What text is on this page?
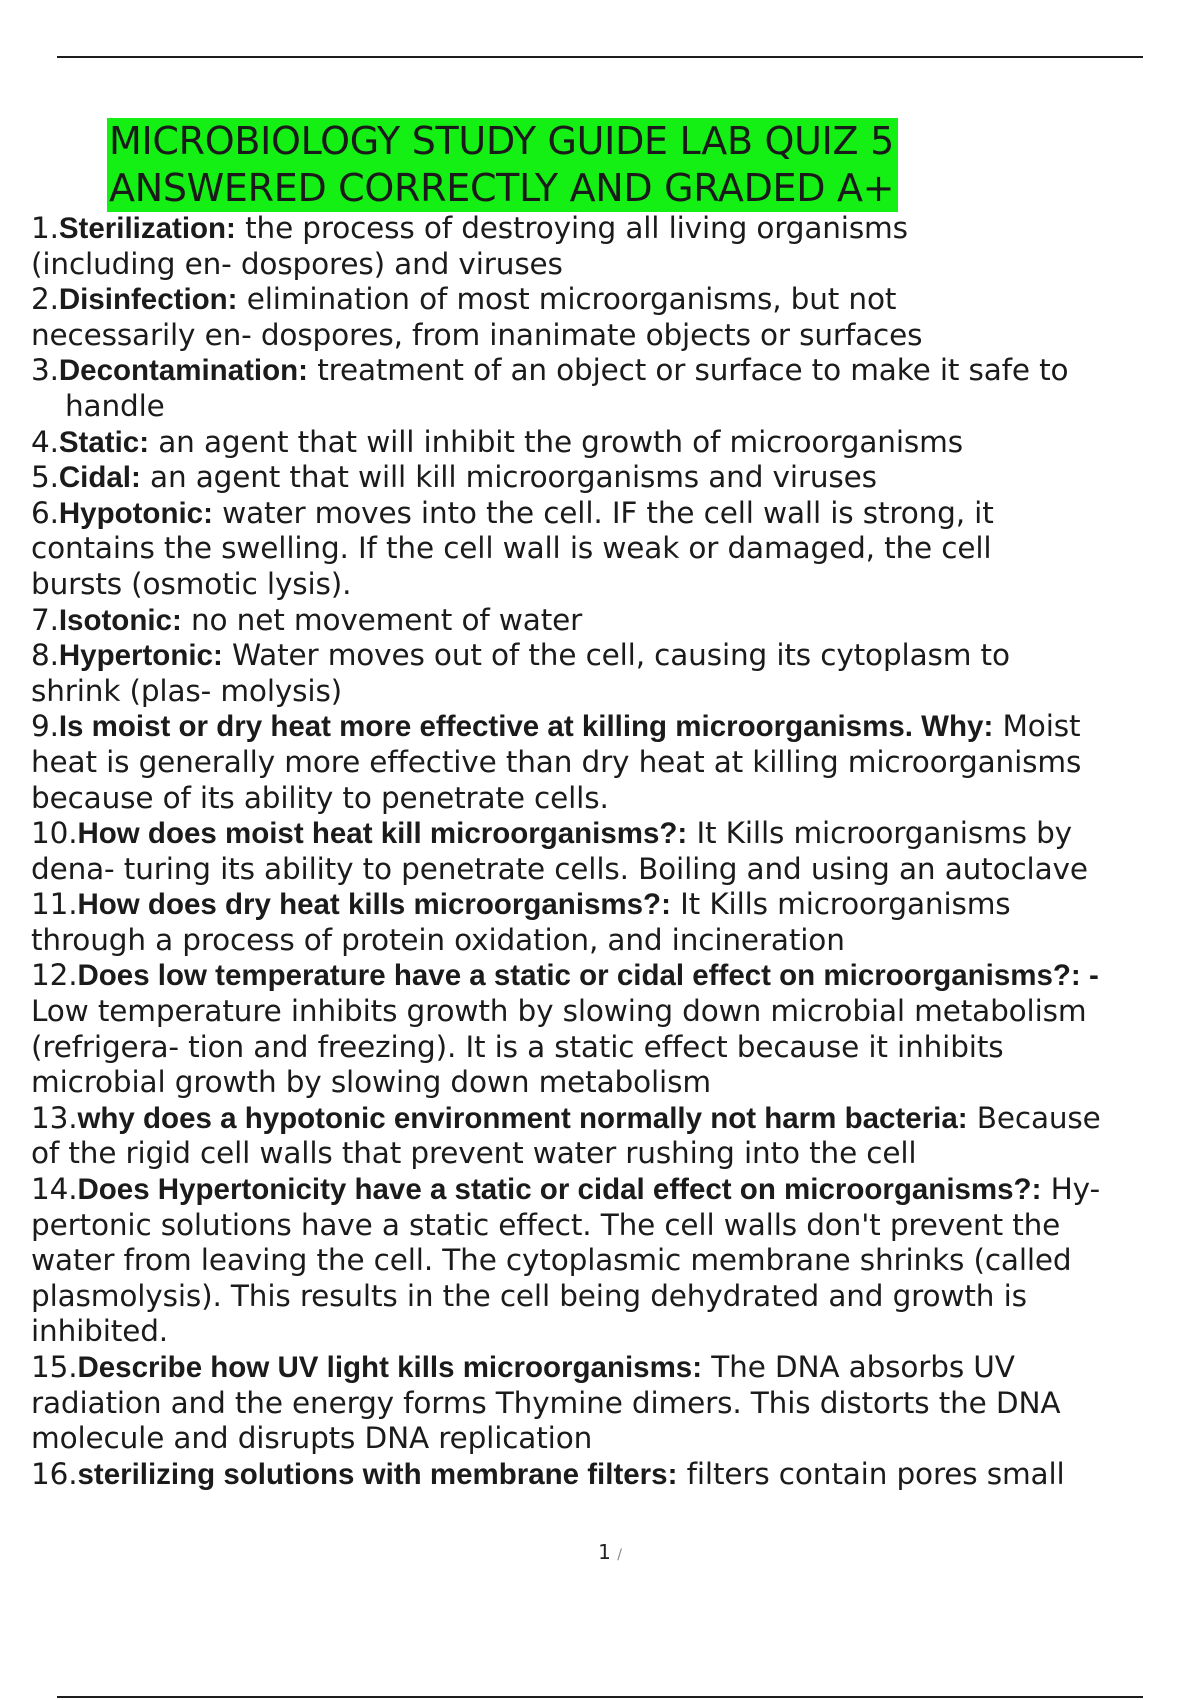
MICROBIOLOGY STUDY GUIDE LAB QUIZ 5
ANSWERED CORRECTLY AND GRADED A+

1.Sterilization: the process of destroying all living organisms

(including en- dospores) and viruses

2.Disinfection: elimination of most microorganisms, but not

necessarily en- dospores, from inanimate objects or surfaces

3.Decontamination: treatment of an object or surface to make it safe to

handle

4.Static: an agent that will inhibit the growth of microorganisms

5.Cidal: an agent that will kill microorganisms and viruses

6.Hypotonic: water moves into the cell. IF the cell wall is strong, it

contains the swelling. If the cell wall is weak or damaged, the cell

bursts (osmotic lysis).

7.Isotonic: no net movement of water

8.Hypertonic: Water moves out of the cell, causing its cytoplasm to

shrink (plas- molysis)

9.Is moist or dry heat more effective at killing microorganisms. Why: Moist

heat is generally more effective than dry heat at killing microorganisms

because of its ability to penetrate cells.

10.How does moist heat kill microorganisms?: It Kills microorganisms by

dena- turing its ability to penetrate cells. Boiling and using an autoclave

11.How does dry heat kills microorganisms?: It Kills microorganisms

through a process of protein oxidation, and incineration

12.Does low temperature have a static or cidal effect on microorganisms?: -

Low temperature inhibits growth by slowing down microbial metabolism

(refrigera- tion and freezing). It is a static effect because it inhibits

microbial growth by slowing down metabolism

13.why does a hypotonic environment normally not harm bacteria: Because

of the rigid cell walls that prevent water rushing into the cell

14.Does Hypertonicity have a static or cidal effect on microorganisms?: Hy-

pertonic solutions have a static effect. The cell walls don't prevent the

water from leaving the cell. The cytoplasmic membrane shrinks (called

plasmolysis). This results in the cell being dehydrated and growth is

inhibited.

15.Describe how UV light kills microorganisms: The DNA absorbs UV

radiation and the energy forms Thymine dimers. This distorts the DNA

molecule and disrupts DNA replication

16.sterilizing solutions with membrane filters: filters contain pores small

1 /
